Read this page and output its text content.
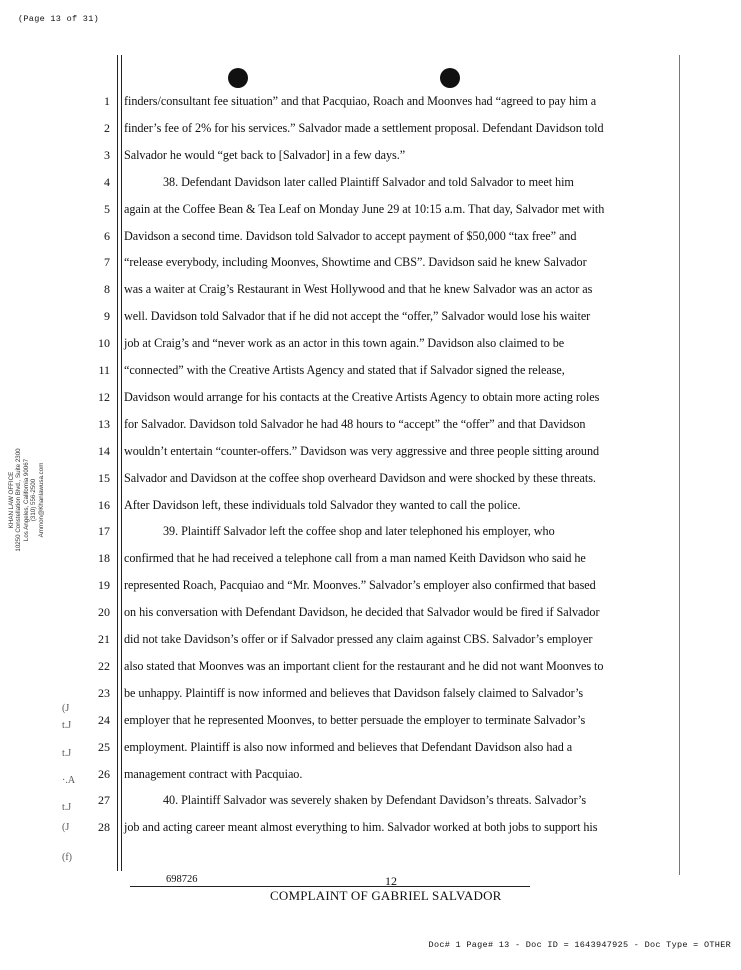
(Page 13 of 31)
KHAN LAW OFFICE 10250 Constellation Blvd., Suite 2300 Los Angeles, California 90067 (310) 556-2500 Ammon@Khanlawusa.com
(J
t.J
t.J
·.A
t.J
(J
(f)
1 finders/consultant fee situation” and that Pacquiao, Roach and Moonves had “agreed to pay him a
2 finder’s fee of 2% for his services.” Salvador made a settlement proposal. Defendant Davidson told
3 Salvador he would “get back to [Salvador] in a few days.”
4	38. Defendant Davidson later called Plaintiff Salvador and told Salvador to meet him
5 again at the Coffee Bean & Tea Leaf on Monday June 29 at 10:15 a.m. That day, Salvador met with
6 Davidson a second time. Davidson told Salvador to accept payment of $50,000 “tax free” and
7 “release everybody, including Moonves, Showtime and CBS”. Davidson said he knew Salvador
8 was a waiter at Craig’s Restaurant in West Hollywood and that he knew Salvador was an actor as
9 well. Davidson told Salvador that if he did not accept the “offer,” Salvador would lose his waiter
10 job at Craig’s and “never work as an actor in this town again.” Davidson also claimed to be
11 “connected” with the Creative Artists Agency and stated that if Salvador signed the release,
12 Davidson would arrange for his contacts at the Creative Artists Agency to obtain more acting roles
13 for Salvador. Davidson told Salvador he had 48 hours to “accept” the “offer” and that Davidson
14 wouldn’t entertain “counter-offers.” Davidson was very aggressive and three people sitting around
15 Salvador and Davidson at the coffee shop overheard Davidson and were shocked by these threats.
16 After Davidson left, these individuals told Salvador they wanted to call the police.
17	39. Plaintiff Salvador left the coffee shop and later telephoned his employer, who
18 confirmed that he had received a telephone call from a man named Keith Davidson who said he
19 represented Roach, Pacquiao and “Mr. Moonves.” Salvador’s employer also confirmed that based
20 on his conversation with Defendant Davidson, he decided that Salvador would be fired if Salvador
21 did not take Davidson’s offer or if Salvador pressed any claim against CBS. Salvador’s employer
22 also stated that Moonves was an important client for the restaurant and he did not want Moonves to
23 be unhappy. Plaintiff is now informed and believes that Davidson falsely claimed to Salvador’s
24 employer that he represented Moonves, to better persuade the employer to terminate Salvador’s
25 employment. Plaintiff is also now informed and believes that Defendant Davidson also had a
26 management contract with Pacquiao.
27	40. Plaintiff Salvador was severely shaken by Defendant Davidson’s threats. Salvador’s
28 job and acting career meant almost everything to him. Salvador worked at both jobs to support his
698726	12
COMPLAINT OF GABRIEL SALVADOR
Doc# 1 Page# 13 - Doc ID = 1643947925 - Doc Type = OTHER
